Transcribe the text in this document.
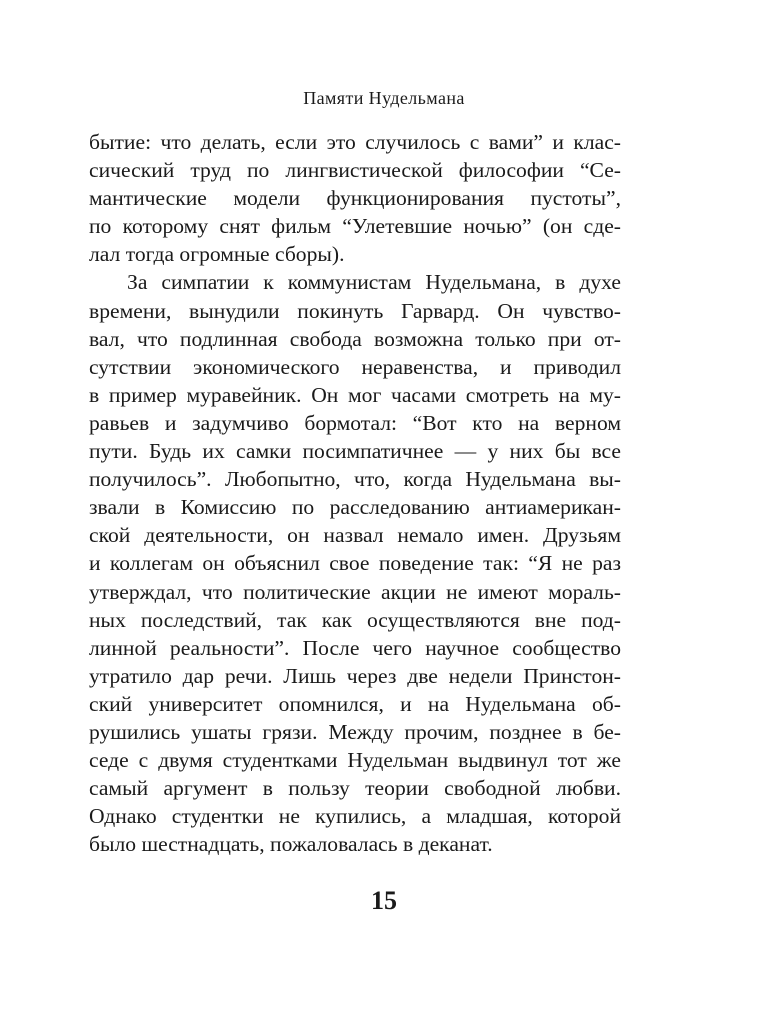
Памяти Нудельмана
бытие: что делать, если это случилось с вами” и клас-
сический труд по лингвистической философии “Се-
мантические модели функционирования пустоты”,
по которому снят фильм “Улетевшие ночью” (он сде-
лал тогда огромные сборы).
За симпатии к коммунистам Нудельмана, в духе
времени, вынудили покинуть Гарвард. Он чувство-
вал, что подлинная свобода возможна только при от-
сутствии экономического неравенства, и приводил
в пример муравейник. Он мог часами смотреть на му-
равьев и задумчиво бормотал: “Вот кто на верном
пути. Будь их самки посимпатичнее — у них бы все
получилось”. Любопытно, что, когда Нудельмана вы-
звали в Комиссию по расследованию антиамерикан-
ской деятельности, он назвал немало имен. Друзьям
и коллегам он объяснил свое поведение так: “Я не раз
утверждал, что политические акции не имеют мораль-
ных последствий, так как осуществляются вне под-
линной реальности”. После чего научное сообщество
утратило дар речи. Лишь через две недели Принстон-
ский университет опомнился, и на Нудельмана об-
рушились ушаты грязи. Между прочим, позднее в бе-
седе с двумя студентками Нудельман выдвинул тот же
самый аргумент в пользу теории свободной любви.
Однако студентки не купились, а младшая, которой
было шестнадцать, пожаловалась в деканат.
15
